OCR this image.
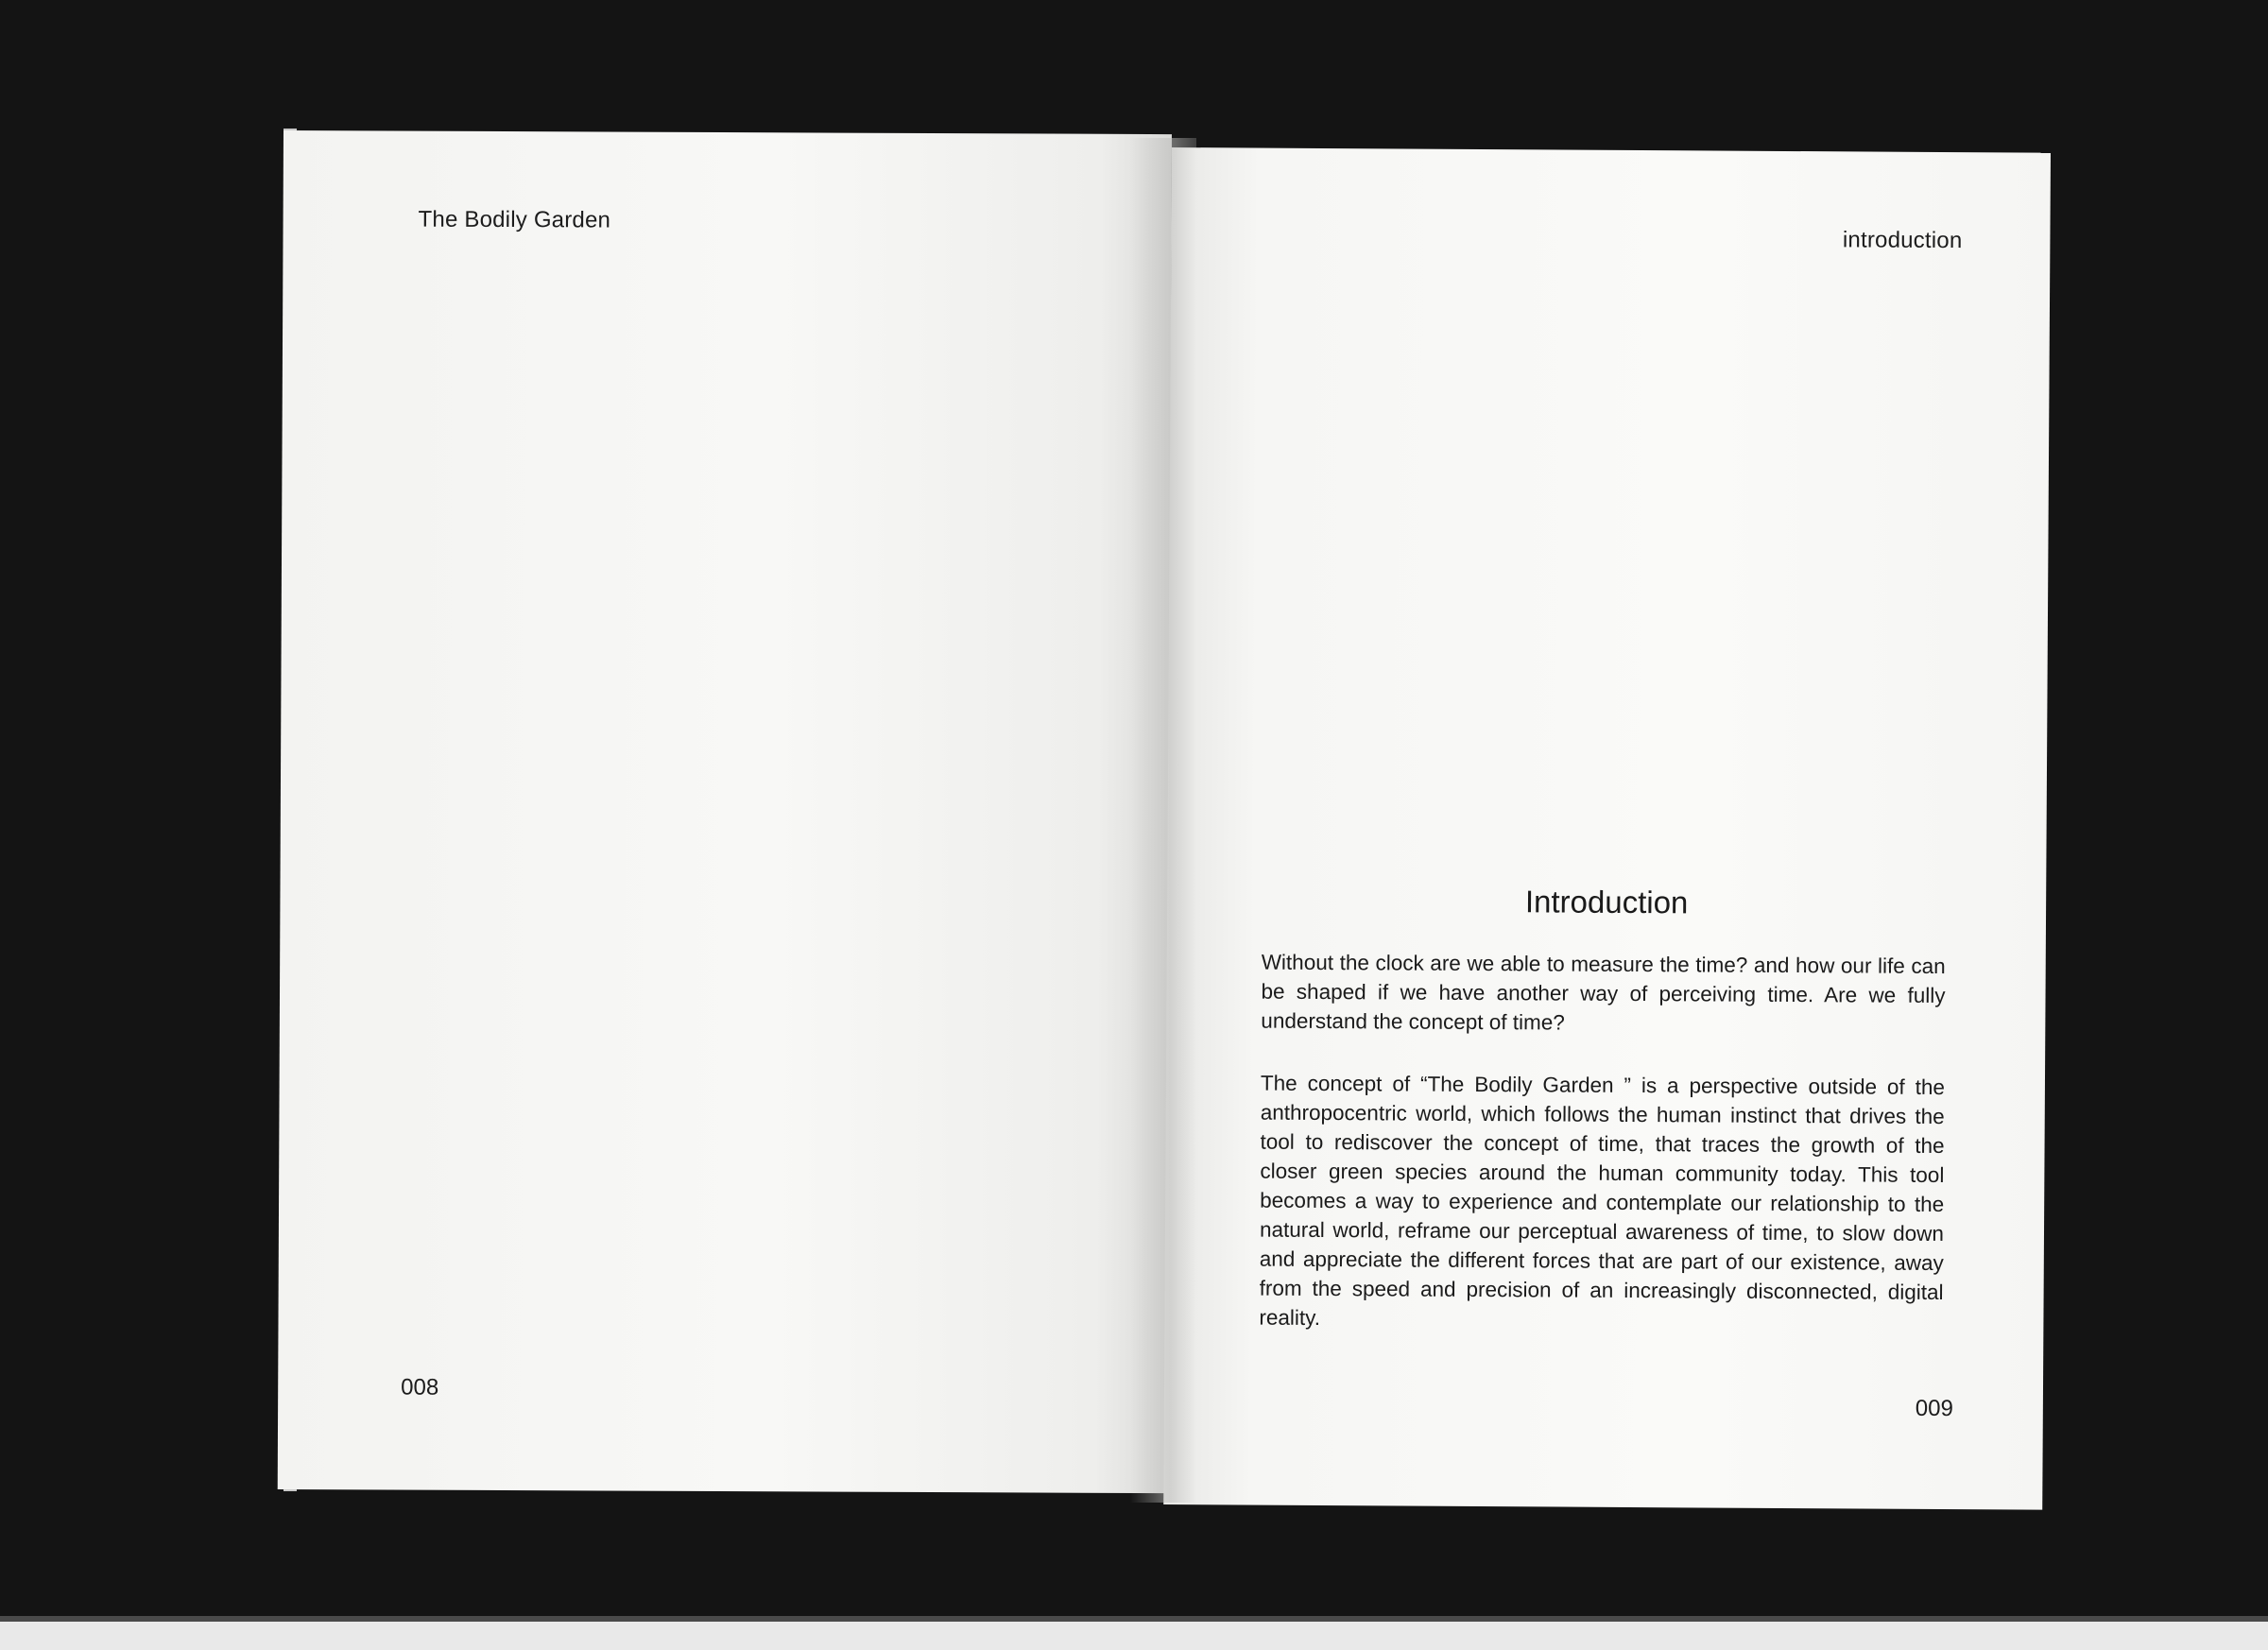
The Bodily Garden
008
introduction
Introduction

Without the clock are we able to measure the time? and how our life can be shaped if we have another way of perceiving time. Are we fully understand the concept of time?

The concept of “The Bodily Garden ” is a perspective outside of the anthropocentric world, which follows the human instinct that drives the tool to rediscover the concept of time, that traces the growth of the closer green species around the human community today. This tool becomes a way to experience and contemplate our relationship to the natural world, reframe our perceptual awareness of time, to slow down and appreciate the different forces that are part of our existence, away from the speed and precision of an increasingly disconnected, digital reality.

009
